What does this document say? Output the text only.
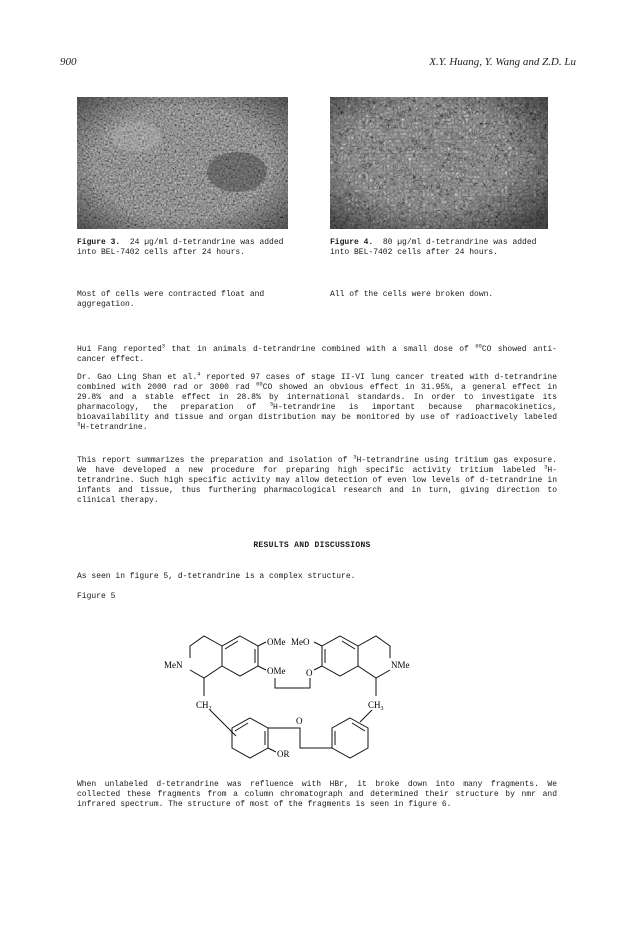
900	X.Y. Huang, Y. Wang and Z.D. Lu
Figure 3. 24 µg/ml d-tetrandrine was added into BEL-7402 cells after 24 hours.
Figure 4. 80 µg/ml d-tetrandrine was added into BEL-7402 cells after 24 hours.
Most of cells were contracted float and aggregation.
All of the cells were broken down.
Hui Fang reported$^3$ that in animals d-tetrandrine combined with a small dose of $^{60}$CO showed anti-cancer effect.
Dr. Gao Ling Shan et al.$^4$ reported 97 cases of stage II-VI lung cancer treated with d-tetrandrine combined with 2000 rad or 3000 rad $^{60}$CO showed an obvious effect in 31.95%, a general effect in 29.8% and a stable effect in 28.8% by international standards. In order to investigate its pharmacology, the preparation of $^3$H-tetrandrine is important because pharmacokinetics, bioavailability and tissue and organ distribution may be monitored by use of radioactively labeled $^3$H-tetrandrine.
This report summarizes the preparation and isolation of $^3$H-tetrandrine using tritium gas exposure. We have developed a new procedure for preparing high specific activity tritium labeled $^3$H-tetrandrine. Such high specific activity may allow detection of even low levels of d-tetrandrine in infants and tissue, thus furthering pharmacological research and in turn, giving direction to clinical therapy.
RESULTS AND DISCUSSIONS
As seen in figure 5, d-tetrandrine is a complex structure.
Figure 5
OMe
OMe
MeO
MeN	NMe
O
$CH_2$	$CH_3$
OR
O
When unlabeled d-tetrandrine was refluence with HBr, it broke down into many fragments. We collected these fragments from a column chromatograph and determined their structure by nmr and infrared spectrum. The structure of most of the fragments is seen in figure 6.
